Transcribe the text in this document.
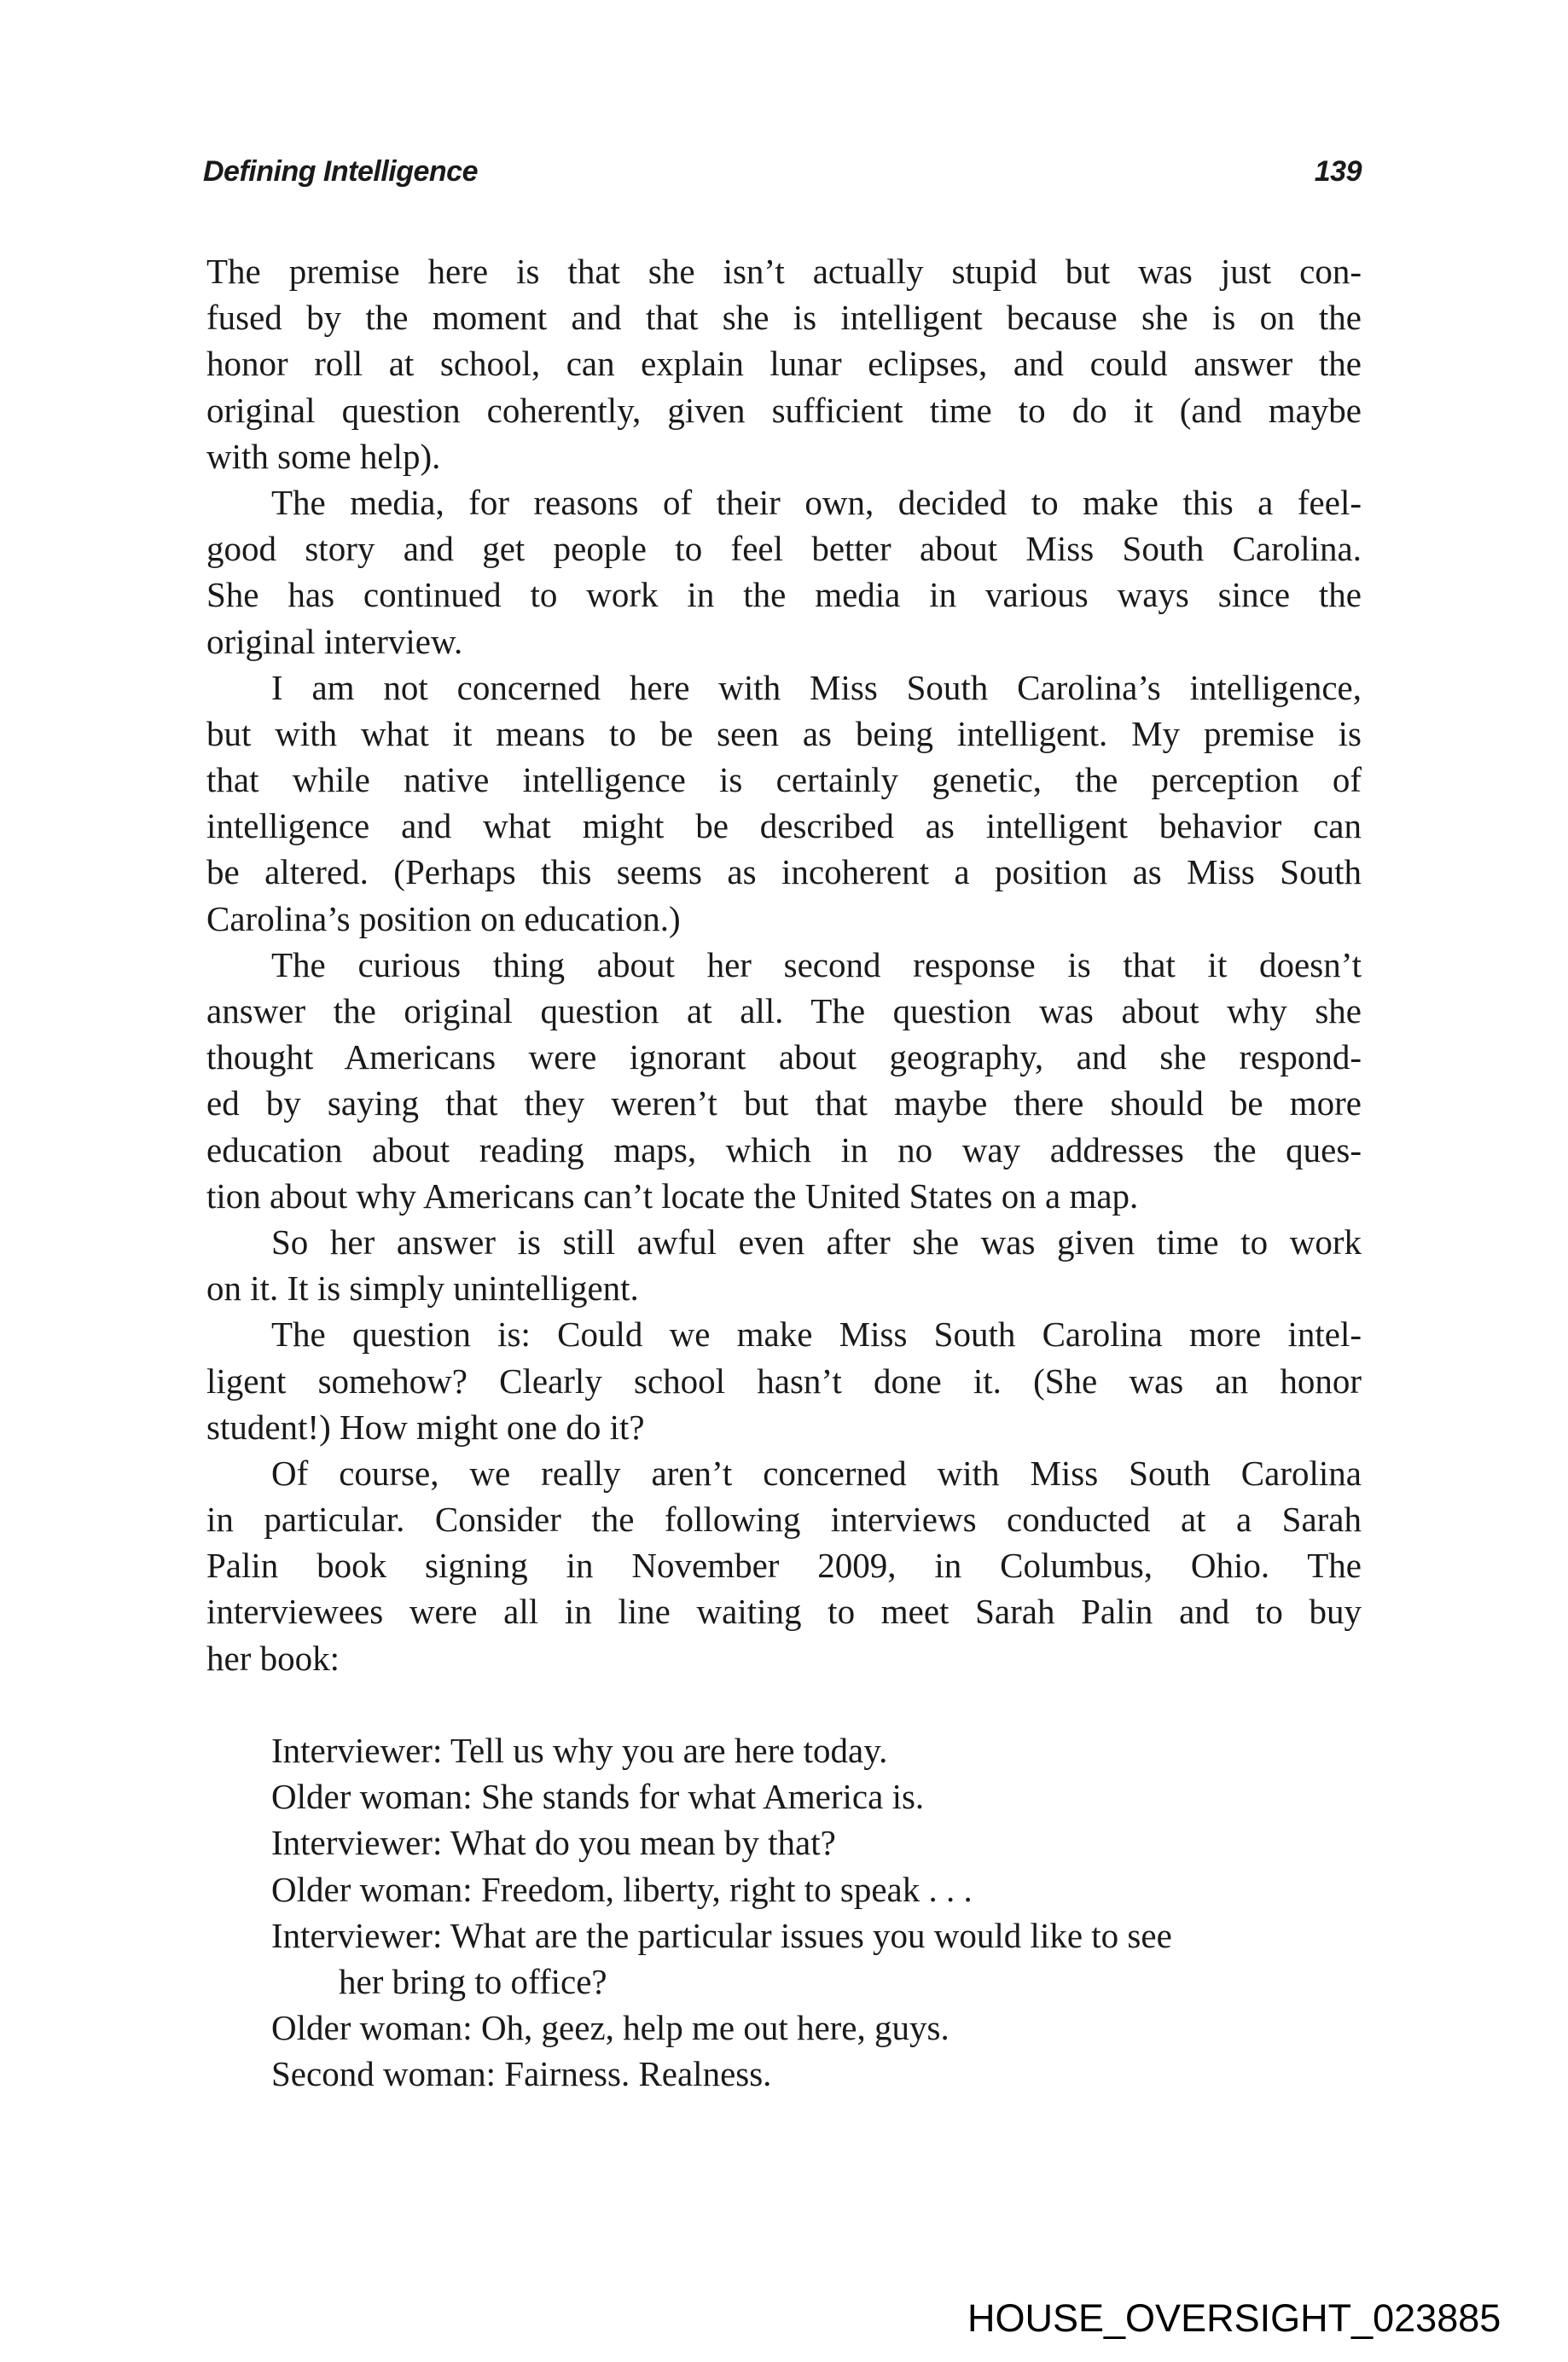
Defining Intelligence	139
The premise here is that she isn’t actually stupid but was just con-
fused by the moment and that she is intelligent because she is on the
honor roll at school, can explain lunar eclipses, and could answer the
original question coherently, given sufficient time to do it (and maybe
with some help).
The media, for reasons of their own, decided to make this a feel-
good story and get people to feel better about Miss South Carolina.
She has continued to work in the media in various ways since the
original interview.
I am not concerned here with Miss South Carolina’s intelligence,
but with what it means to be seen as being intelligent. My premise is
that while native intelligence is certainly genetic, the perception of
intelligence and what might be described as intelligent behavior can
be altered. (Perhaps this seems as incoherent a position as Miss South
Carolina’s position on education.)
The curious thing about her second response is that it doesn’t
answer the original question at all. The question was about why she
thought Americans were ignorant about geography, and she respond-
ed by saying that they weren’t but that maybe there should be more
education about reading maps, which in no way addresses the ques-
tion about why Americans can’t locate the United States on a map.
So her answer is still awful even after she was given time to work
on it. It is simply unintelligent.
The question is: Could we make Miss South Carolina more intel-
ligent somehow? Clearly school hasn’t done it. (She was an honor
student!) How might one do it?
Of course, we really aren’t concerned with Miss South Carolina
in particular. Consider the following interviews conducted at a Sarah
Palin book signing in November 2009, in Columbus, Ohio. The
interviewees were all in line waiting to meet Sarah Palin and to buy
her book:
Interviewer: Tell us why you are here today.
Older woman: She stands for what America is.
Interviewer: What do you mean by that?
Older woman: Freedom, liberty, right to speak . . .
Interviewer: What are the particular issues you would like to see
her bring to office?
Older woman: Oh, geez, help me out here, guys.
Second woman: Fairness. Realness.
HOUSE_OVERSIGHT_023885
